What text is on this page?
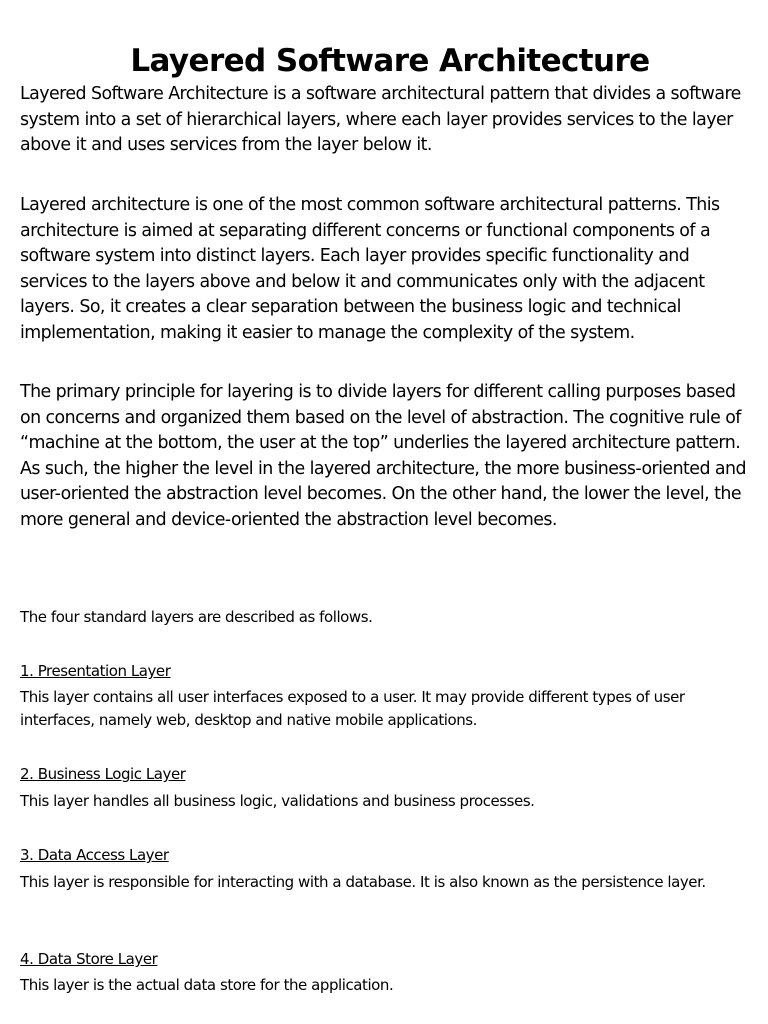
Layered Software Architecture
Layered Software Architecture is a software architectural pattern that divides a software system into a set of hierarchical layers, where each layer provides services to the layer above it and uses services from the layer below it.
Layered architecture is one of the most common software architectural patterns. This architecture is aimed at separating different concerns or functional components of a software system into distinct layers. Each layer provides specific functionality and services to the layers above and below it and communicates only with the adjacent layers. So, it creates a clear separation between the business logic and technical implementation, making it easier to manage the complexity of the system.
The primary principle for layering is to divide layers for different calling purposes based on concerns and organized them based on the level of abstraction. The cognitive rule of “machine at the bottom, the user at the top” underlies the layered architecture pattern. As such, the higher the level in the layered architecture, the more business-oriented and user-oriented the abstraction level becomes. On the other hand, the lower the level, the more general and device-oriented the abstraction level becomes.
The four standard layers are described as follows.
1. Presentation Layer
This layer contains all user interfaces exposed to a user. It may provide different types of user interfaces, namely web, desktop and native mobile applications.
2. Business Logic Layer
This layer handles all business logic, validations and business processes.
3. Data Access Layer
This layer is responsible for interacting with a database. It is also known as the persistence layer.
4. Data Store Layer
This layer is the actual data store for the application.
